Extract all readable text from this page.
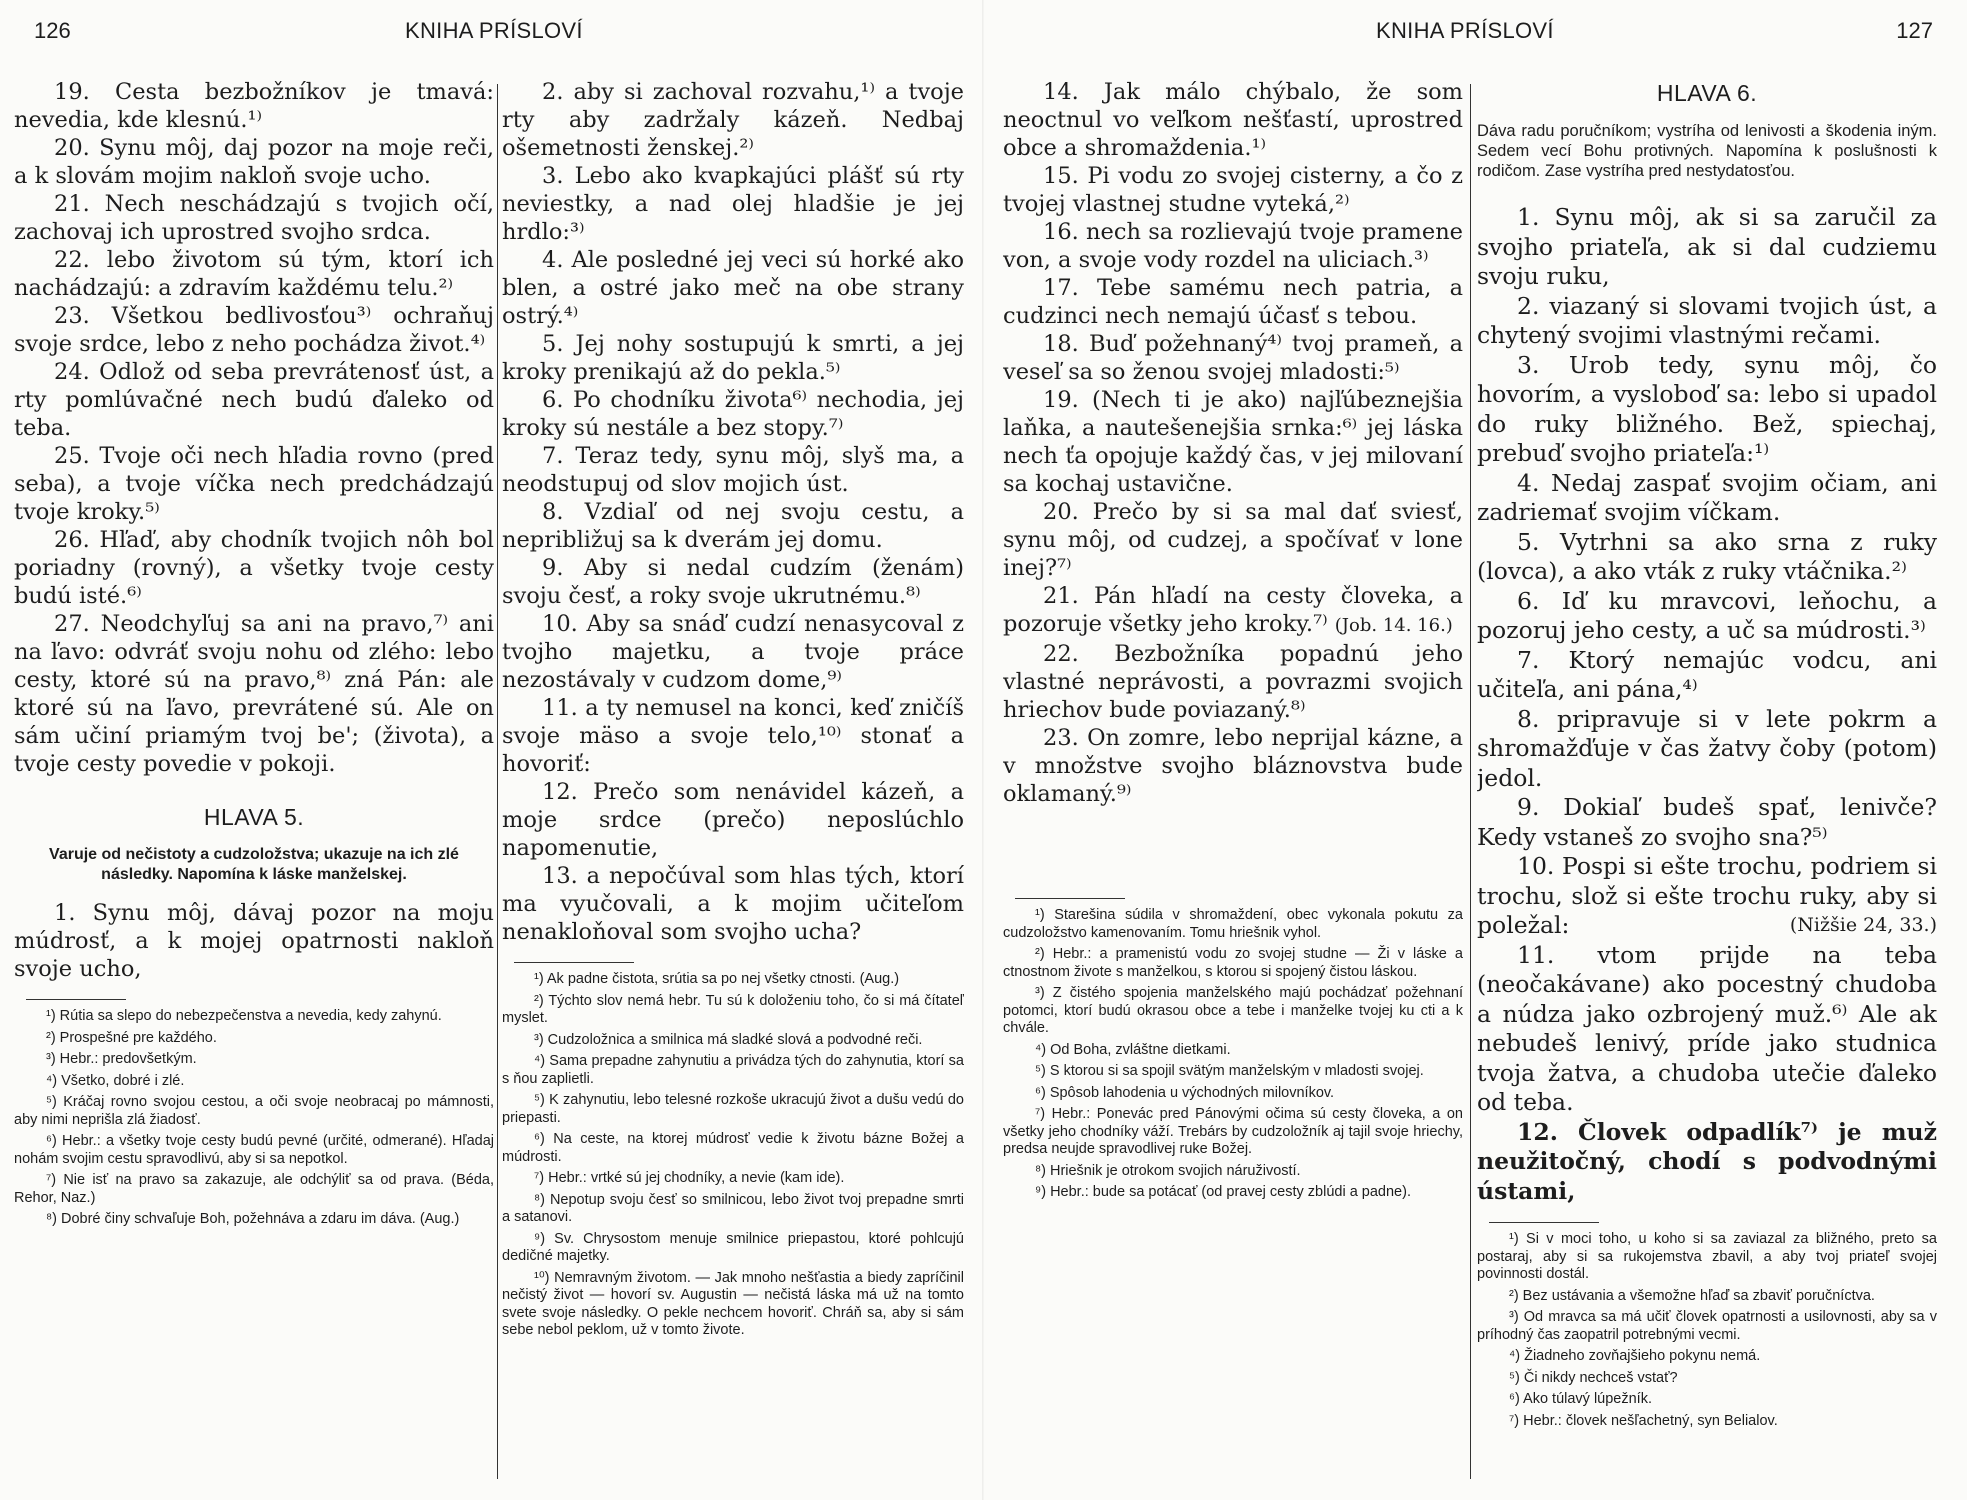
126	KNIHA PRÍSLOVÍ

19. Cesta bezbožníkov je tmavá: nevedia, kde klesnú.¹⁾

20. Synu môj, daj pozor na moje reči, a k slovám mojim nakloň svoje ucho.

21. Nech neschádzajú s tvojich očí, zachovaj ich uprostred svojho srdca.

22. lebo životom sú tým, ktorí ich nachádzajú: a zdravím každému telu.²⁾

23. Všetkou bedlivosťou³⁾ ochraňuj svoje srdce, lebo z neho pochádza život.⁴⁾

24. Odlož od seba prevrátenosť úst, a rty pomlúvačné nech budú ďaleko od teba.

25. Tvoje oči nech hľadia rovno (pred seba), a tvoje víčka nech predchádzajú tvoje kroky.⁵⁾

26. Hľaď, aby chodník tvojich nôh bol poriadny (rovný), a všetky tvoje cesty budú isté.⁶⁾

27. Neodchyľuj sa ani na pravo,⁷⁾ ani na ľavo: odvráť svoju nohu od zlého: lebo cesty, ktoré sú na pravo,⁸⁾ zná Pán: ale ktoré sú na ľavo, prevrátené sú. Ale on sám učiní priamým tvoj be'; (života), a tvoje cesty povedie v pokoji.

HLAVA 5.
Varuje od nečistoty a cudzoložstva; ukazuje na ich zlé následky. Napomína k láske manželskej.

1. Synu môj, dávaj pozor na moju múdrosť, a k mojej opatrnosti nakloň svoje ucho,

¹) Rútia sa slepo do nebezpečenstva a nevedia, kedy zahynú.

²) Prospešné pre každého.

³) Hebr.: predovšetkým.

⁴) Všetko, dobré i zlé.

⁵) Kráčaj rovno svojou cestou, a oči svoje neobracaj po mámnosti, aby nimi neprišla zlá žiadosť.

⁶) Hebr.: a všetky tvoje cesty budú pevné (určité, odmerané). Hľadaj nohám svojim cestu spravodlivú, aby si sa nepotkol.

⁷) Nie isť na pravo sa zakazuje, ale odchýliť sa od prava. (Béda, Rehor, Naz.)

⁸) Dobré činy schvaľuje Boh, požehnáva a zdaru im dáva. (Aug.)

2. aby si zachoval rozvahu,¹⁾ a tvoje rty aby zadržaly kázeň. Nedbaj ošemetnosti ženskej.²⁾

3. Lebo ako kvapkajúci plášť sú rty neviestky, a nad olej hladšie je jej hrdlo:³⁾

4. Ale posledné jej veci sú horké ako blen, a ostré jako meč na obe strany ostrý.⁴⁾

5. Jej nohy sostupujú k smrti, a jej kroky prenikajú až do pekla.⁵⁾

6. Po chodníku života⁶⁾ nechodia, jej kroky sú nestále a bez stopy.⁷⁾

7. Teraz tedy, synu môj, slyš ma, a neodstupuj od slov mojich úst.

8. Vzdiaľ od nej svoju cestu, a nepribližuj sa k dverám jej domu.

9. Aby si nedal cudzím (ženám) svoju česť, a roky svoje ukrutnému.⁸⁾

10. Aby sa snáď cudzí nenasycoval z tvojho majetku, a tvoje práce nezostávaly v cudzom dome,⁹⁾

11. a ty nemusel na konci, keď zničíš svoje mäso a svoje telo,¹⁰⁾ stonať a hovoriť:

12. Prečo som nenávidel kázeň, a moje srdce (prečo) neposlúchlo napomenutie,

13. a nepočúval som hlas tých, ktorí ma vyučovali, a k mojim učiteľom nenakloňoval som svojho ucha?

¹) Ak padne čistota, srútia sa po nej všetky ctnosti. (Aug.)

²) Týchto slov nemá hebr. Tu sú k doloženiu toho, čo si má čítateľ myslet.

³) Cudzoložnica a smilnica má sladké slová a podvodné reči.

⁴) Sama prepadne zahynutiu a privádza tých do zahynutia, ktorí sa s ňou zaplietli.

⁵) K zahynutiu, lebo telesné rozkoše ukracujú život a dušu vedú do priepasti.

⁶) Na ceste, na ktorej múdrosť vedie k životu bázne Božej a múdrosti.

⁷) Hebr.: vrtké sú jej chodníky, a nevie (kam ide).

⁸) Nepotup svoju česť so smilnicou, lebo život tvoj prepadne smrti a satanovi.

⁹) Sv. Chrysostom menuje smilnice priepastou, ktoré pohlcujú dedičné majetky.

¹⁰) Nemravným životom. — Jak mnoho nešťastia a biedy zapríčinil nečistý život — hovorí sv. Augustin — nečistá láska má už na tomto svete svoje následky. O pekle nechcem hovoriť. Chráň sa, aby si sám sebe nebol peklom, už v tomto živote.

KNIHA PRÍSLOVÍ	127

14. Jak málo chýbalo, že som neoctnul vo veľkom nešťastí, uprostred obce a shromaždenia.¹⁾

15. Pi vodu zo svojej cisterny, a čo z tvojej vlastnej studne vyteká,²⁾

16. nech sa rozlievajú tvoje pramene von, a svoje vody rozdel na uliciach.³⁾

17. Tebe samému nech patria, a cudzinci nech nemajú účasť s tebou.

18. Buď požehnaný⁴⁾ tvoj prameň, a veseľ sa so ženou svojej mladosti:⁵⁾

19. (Nech ti je ako) najľúbeznejšia laňka, a nautešenejšia srnka:⁶⁾ jej láska nech ťa opojuje každý čas, v jej milovaní sa kochaj ustavične.

20. Prečo by si sa mal dať sviesť, synu môj, od cudzej, a spočívať v lone inej?⁷⁾

21. Pán hľadí na cesty človeka, a pozoruje všetky jeho kroky.⁷⁾ (Job. 14. 16.)

22. Bezbožníka popadnú jeho vlastné neprávosti, a povrazmi svojich hriechov bude poviazaný.⁸⁾

23. On zomre, lebo neprijal kázne, a v množstve svojho bláznovstva bude oklamaný.⁹⁾

¹) Starešina súdila v shromaždení, obec vykonala pokutu za cudzoložstvo kamenovaním. Tomu hriešnik vyhol.

²) Hebr.: a pramenistú vodu zo svojej studne — Ži v láske a ctnostnom živote s manželkou, s ktorou si spojený čistou láskou.

³) Z čistého spojenia manželského majú pochádzať požehnaní potomci, ktorí budú okrasou obce a tebe i manželke tvojej ku cti a k chvále.

⁴) Od Boha, zvláštne dietkami.

⁵) S ktorou si sa spojil svätým manželským v mladosti svojej.

⁶) Spôsob lahodenia u východných milovníkov.

⁷) Hebr.: Ponevác pred Pánovými očima sú cesty človeka, a on všetky jeho chodníky váží. Trebárs by cudzoložník aj tajil svoje hriechy, predsa neujde spravodlivej ruke Božej.

⁸) Hriešnik je otrokom svojich náruživostí.

⁹) Hebr.: bude sa potácať (od pravej cesty zblúdi a padne).

HLAVA 6.
Dáva radu poručníkom; vystríha od lenivosti a škodenia iným. Sedem vecí Bohu protivných. Napomína k poslušnosti k rodičom. Zase vystríha pred nestydatosťou.

1. Synu môj, ak si sa zaručil za svojho priateľa, ak si dal cudziemu svoju ruku,

2. viazaný si slovami tvojich úst, a chytený svojimi vlastnými rečami.

3. Urob tedy, synu môj, čo hovorím, a vysloboď sa: lebo si upadol do ruky bližného. Bež, spiechaj, prebuď svojho priateľa:¹⁾

4. Nedaj zaspať svojim očiam, ani zadriemať svojim víčkam.

5. Vytrhni sa ako srna z ruky (lovca), a ako vták z ruky vtáčnika.²⁾

6. Iď ku mravcovi, leňochu, a pozoruj jeho cesty, a uč sa múdrosti.³⁾

7. Ktorý nemajúc vodcu, ani učiteľa, ani pána,⁴⁾

8. pripravuje si v lete pokrm a shromažďuje v čas žatvy čoby (potom) jedol.

9. Dokiaľ budeš spať, lenivče? Kedy vstaneš zo svojho sna?⁵⁾

10. Pospi si ešte trochu, podriem si trochu, slož si ešte trochu ruky, aby si poležal:	(Nižšie 24, 33.)

11. vtom prijde na teba (neočakávane) ako pocestný chudoba a núdza jako ozbrojený muž.⁶⁾ Ale ak nebudeš lenivý, príde jako studnica tvoja žatva, a chudoba utečie ďaleko od teba.

12. Človek odpadlík⁷⁾ je muž neužitočný, chodí s podvodnými ústami,

¹) Si v moci toho, u koho si sa zaviazal za bližného, preto sa postaraj, aby si sa rukojemstva zbavil, a aby tvoj priateľ svojej povinnosti dostál.

²) Bez ustávania a všemožne hľaď sa zbaviť poručníctva.

³) Od mravca sa má učiť človek opatrnosti a usilovnosti, aby sa v príhodný čas zaopatril potrebnými vecmi.

⁴) Žiadneho zovňajšieho pokynu nemá.

⁵) Či nikdy nechceš vstať?

⁶) Ako túlavý lúpežník.

⁷) Hebr.: človek nešľachetný, syn Belialov.
